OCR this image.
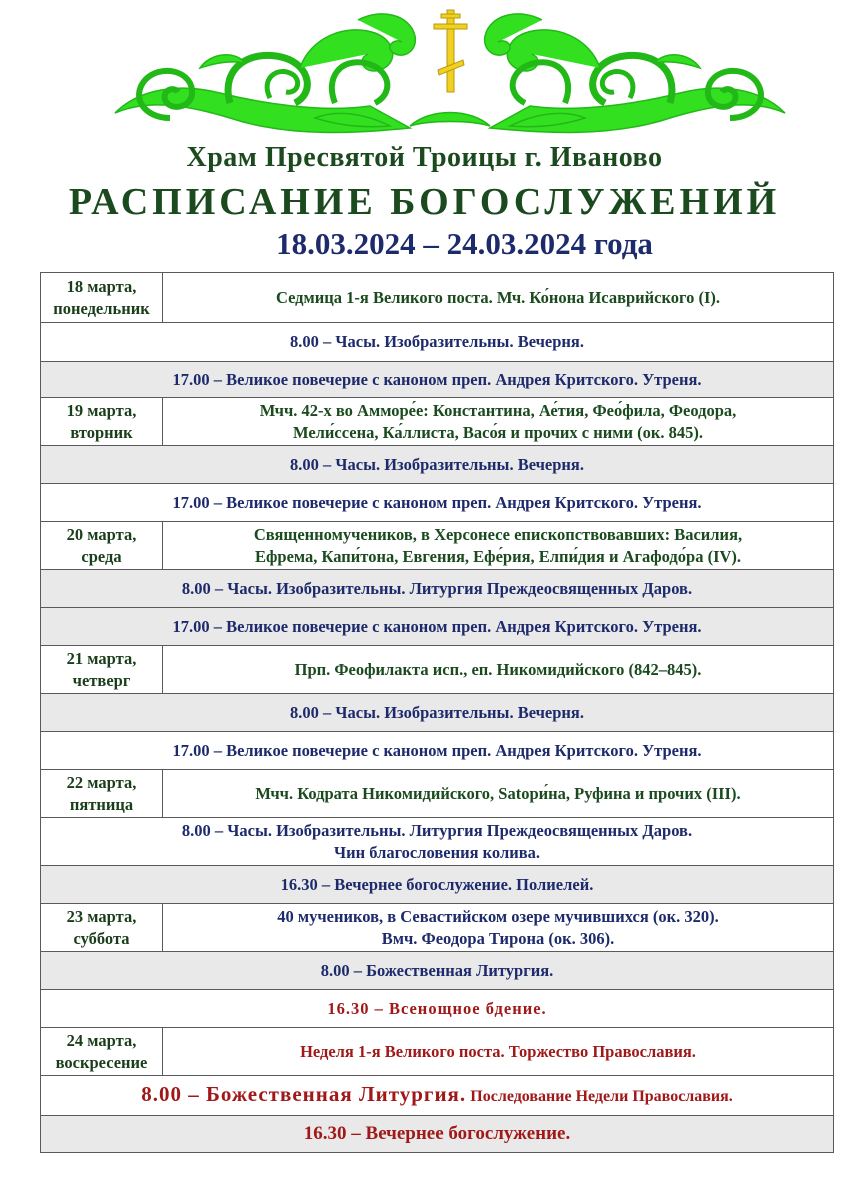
Храм Пресвятой Троицы г. Иваново
РАСПИСАНИЕ БОГОСЛУЖЕНИЙ
18.03.2024 – 24.03.2024 года
18 марта,
понедельник	Седмица 1-я Великого поста. Мч. Ко́нона Исаврийского (I).
8.00 – Часы. Изобразительны. Вечерня.	
17.00 – Великое повечерие с каноном преп. Андрея Критского. Утреня.	
19 марта,
вторник	Мчч. 42-х во Амморе́е: Константина, Ае́тия, Фео́фила, Феодора,
Мели́ссена, Ка́ллиста, Васо́я и прочих с ними (ок. 845).
8.00 – Часы. Изобразительны. Вечерня.	
17.00 – Великое повечерие с каноном преп. Андрея Критского. Утреня.	
20 марта,
среда	Священномучеников, в Херсонесе епископствовавших: Василия,
Ефрема, Капи́тона, Евгения, Ефе́рия, Елпи́дия и Агафодо́ра (IV).
8.00 – Часы. Изобразительны. Литургия Преждеосвященных Даров.	
17.00 – Великое повечерие с каноном преп. Андрея Критского. Утреня.	
21 марта,
четверг	Прп. Феофилакта исп., еп. Никомидийского (842–845).
8.00 – Часы. Изобразительны. Вечерня.	
17.00 – Великое повечерие с каноном преп. Андрея Критского. Утреня.	
22 марта,
пятница	Мчч. Кодрата Никомидийского, Satори́на, Руфина и прочих (III).
8.00 – Часы. Изобразительны. Литургия Преждеосвященных Даров.
Чин благословения колива.	
16.30 – Вечернее богослужение. Полиелей.	
23 марта,
суббота	40 мучеников, в Севастийском озере мучившихся (ок. 320).
Вмч. Феодора Тирона (ок. 306).
8.00 – Божественная Литургия.	
16.30 – Всенощное бдение.	
24 марта,
воскресение	Неделя 1-я Великого поста. Торжество Православия.
8.00 – Божественная Литургия. Последование Недели Православия.	
16.30 – Вечернее богослужение.	
